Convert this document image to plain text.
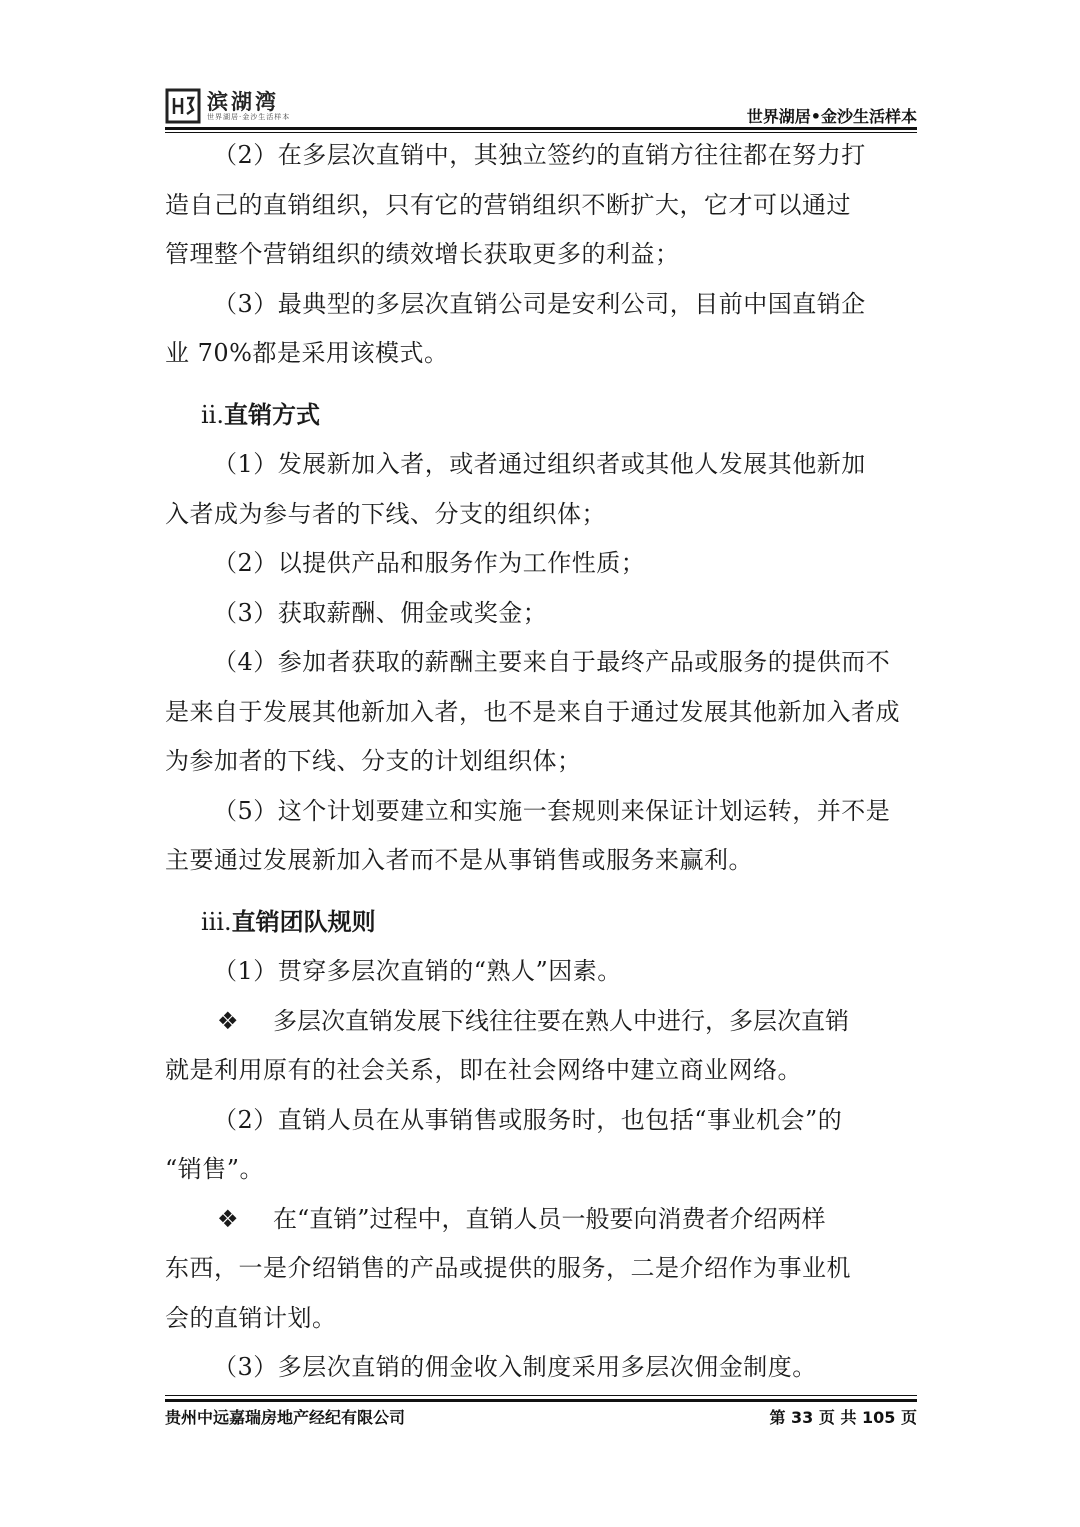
滨湖湾
世界湖居·金沙生活样本	世界湖居•金沙生活样本

（2）在多层次直销中，其独立签约的直销方往往都在努力打

造自己的直销组织，只有它的营销组织不断扩大，它才可以通过

管理整个营销组织的绩效增长获取更多的利益；

（3）最典型的多层次直销公司是安利公司，目前中国直销企

业 70%都是采用该模式。

ii.直销方式

（1）发展新加入者，或者通过组织者或其他人发展其他新加

入者成为参与者的下线、分支的组织体；

（2）以提供产品和服务作为工作性质；

（3）获取薪酬、佣金或奖金；

（4）参加者获取的薪酬主要来自于最终产品或服务的提供而不

是来自于发展其他新加入者，也不是来自于通过发展其他新加入者成

为参加者的下线、分支的计划组织体；

（5）这个计划要建立和实施一套规则来保证计划运转，并不是

主要通过发展新加入者而不是从事销售或服务来赢利。

iii.直销团队规则

（1）贯穿多层次直销的“熟人”因素。

❖ 多层次直销发展下线往往要在熟人中进行，多层次直销

就是利用原有的社会关系，即在社会网络中建立商业网络。

（2）直销人员在从事销售或服务时，也包括“事业机会”的

“销售”。

❖ 在“直销”过程中，直销人员一般要向消费者介绍两样

东西，一是介绍销售的产品或提供的服务，二是介绍作为事业机

会的直销计划。

（3）多层次直销的佣金收入制度采用多层次佣金制度。

贵州中远嘉瑞房地产经纪有限公司	第 33 页 共 105 页
